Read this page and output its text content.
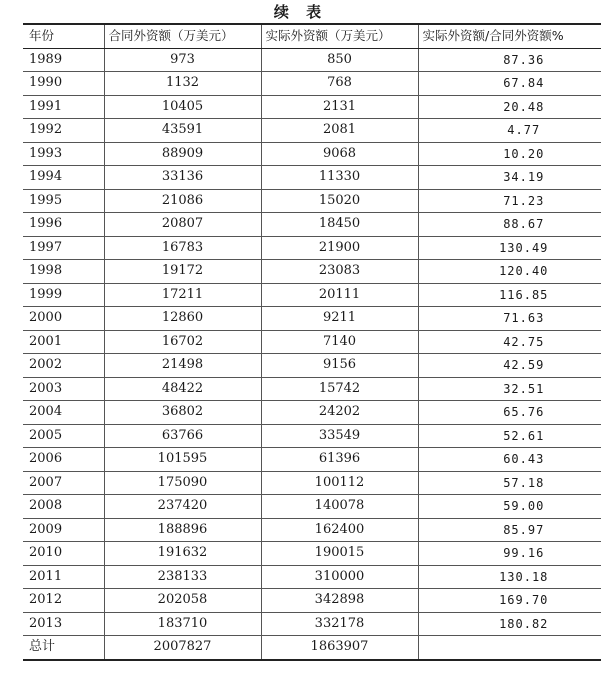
续 表
年份	合同外资额（万美元）	实际外资额（万美元）	实际外资额/合同外资额%
1989	973	850	87.36
1990	1132	768	67.84
1991	10405	2131	20.48
1992	43591	2081	4.77
1993	88909	9068	10.20
1994	33136	11330	34.19
1995	21086	15020	71.23
1996	20807	18450	88.67
1997	16783	21900	130.49
1998	19172	23083	120.40
1999	17211	20111	116.85
2000	12860	9211	71.63
2001	16702	7140	42.75
2002	21498	9156	42.59
2003	48422	15742	32.51
2004	36802	24202	65.76
2005	63766	33549	52.61
2006	101595	61396	60.43
2007	175090	100112	57.18
2008	237420	140078	59.00
2009	188896	162400	85.97
2010	191632	190015	99.16
2011	238133	310000	130.18
2012	202058	342898	169.70
2013	183710	332178	180.82
总计	2007827	1863907	
